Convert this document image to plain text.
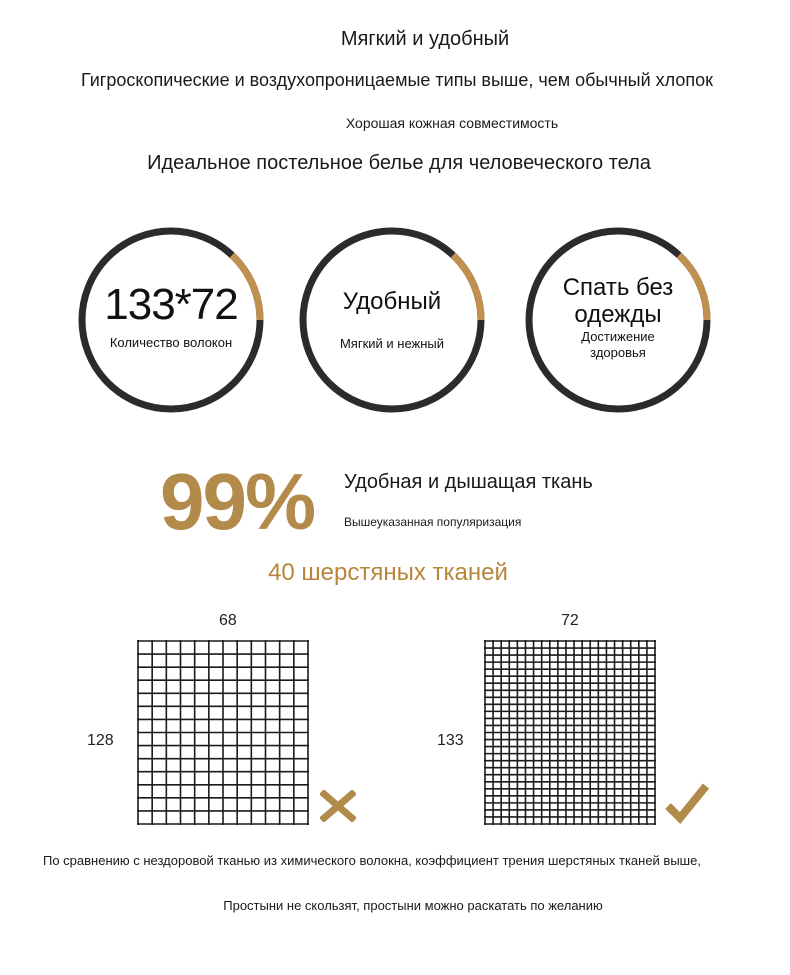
Мягкий и удобный
Гигроскопические и воздухопроницаемые типы выше, чем обычный хлопок
Хорошая кожная совместимость
Идеальное постельное белье для человеческого тела
133*72
Количество волокон
Удобный
Мягкий и нежный
Спать без
одежды
Достижение
здоровья
99% Удобная и дышащая ткань
Вышеуказанная популяризация
40 шерстяных тканей
68
128
72
133
По сравнению с нездоровой тканью из химического волокна, коэффициент трения шерстяных тканей выше,
Простыни не скользят, простыни можно раскатать по желанию
